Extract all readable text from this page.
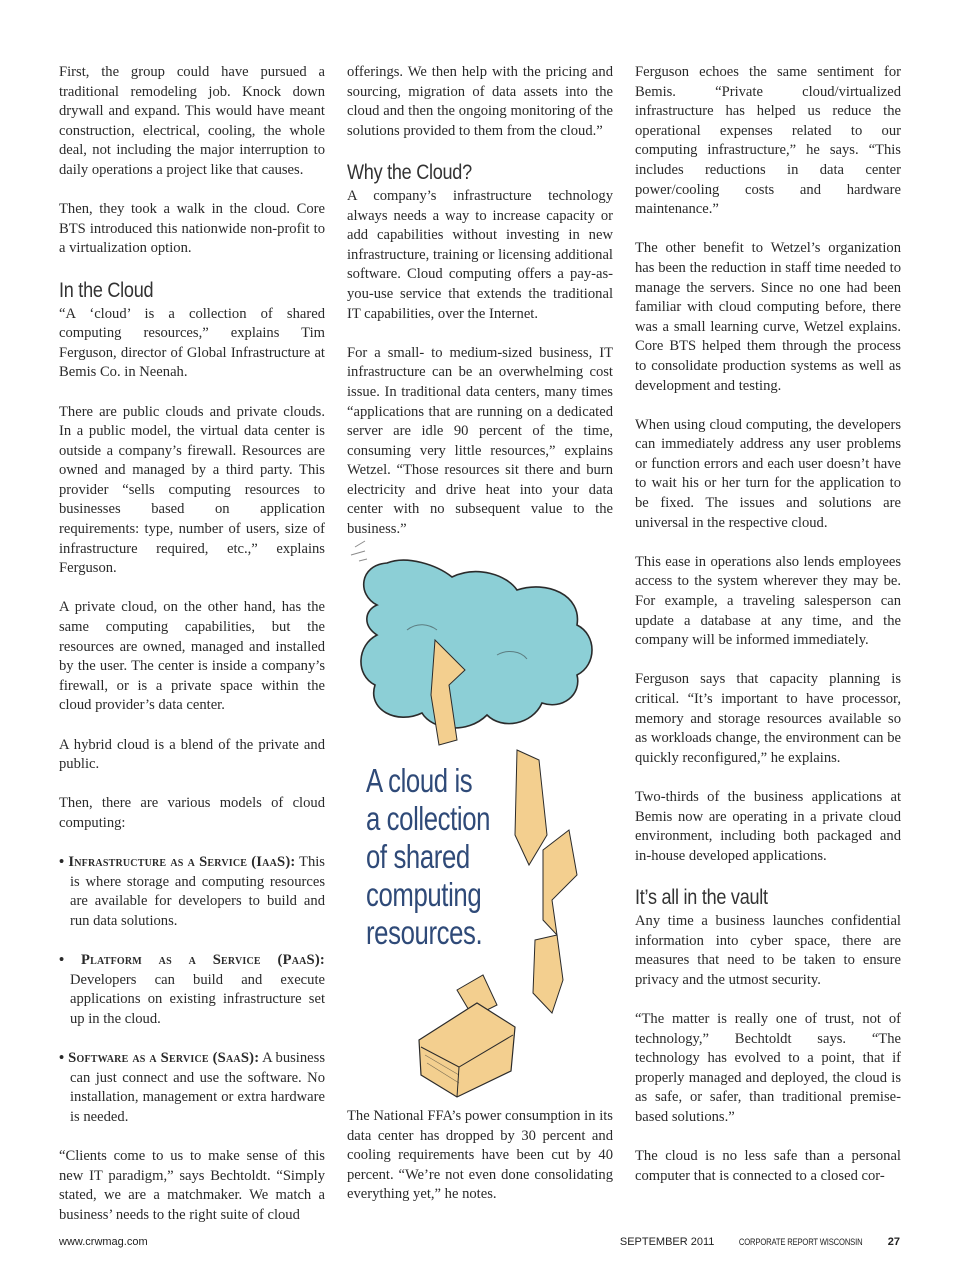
First, the group could have pursued a traditional remodeling job. Knock down drywall and expand. This would have meant construction, electrical, cooling, the whole deal, not including the major interruption to daily operations a project like that causes.

Then, they took a walk in the cloud. Core BTS introduced this nationwide non-profit to a virtualization option.

In the Cloud

“A ‘cloud’ is a collection of shared computing resources,” explains Tim Ferguson, director of Global Infrastructure at Bemis Co. in Neenah.

There are public clouds and private clouds. In a public model, the virtual data center is outside a company’s firewall. Resources are owned and managed by a third party. This provider “sells computing resources to businesses based on application requirements: type, number of users, size of infrastructure required, etc.,” explains Ferguson.

A private cloud, on the other hand, has the same computing capabilities, but the resources are owned, managed and installed by the user. The center is inside a company’s firewall, or is a private space within the cloud provider’s data center.

A hybrid cloud is a blend of the private and public.

Then, there are various models of cloud computing:

• Infrastructure as a Service (IaaS): This is where storage and computing resources are available for developers to build and run data solutions.

• Platform as a Service (PaaS): Developers can build and execute applications on existing infrastructure set up in the cloud.

• Software as a Service (SaaS): A business can just connect and use the software. No installation, management or extra hardware is needed.

“Clients come to us to make sense of this new IT paradigm,” says Bechtoldt. “Simply stated, we are a matchmaker. We match a business’ needs to the right suite of cloud

offerings. We then help with the pricing and sourcing, migration of data assets into the cloud and then the ongoing monitoring of the solutions provided to them from the cloud.”

Why the Cloud?

A company’s infrastructure technology always needs a way to increase capacity or add capabilities without investing in new infrastructure, training or licensing additional software. Cloud computing offers a pay-as-you-use service that extends the traditional IT capabilities, over the Internet.

For a small- to medium-sized business, IT infrastructure can be an overwhelming cost issue. In traditional data centers, many times “applications that are running on a dedicated server are idle 90 percent of the time, consuming very little resources,” explains Wetzel. “Those resources sit there and burn electricity and drive heat into your data center with no subsequent value to the business.”

A cloud is
a collection
of shared
computing
resources.

The National FFA’s power consumption in its data center has dropped by 30 percent and cooling requirements have been cut by 40 percent. “We’re not even done consolidating everything yet,” he notes.

Ferguson echoes the same sentiment for Bemis. “Private cloud/virtualized infrastructure has helped us reduce the operational expenses related to our computing infrastructure,” he says. “This includes reductions in data center power/cooling costs and hardware maintenance.”

The other benefit to Wetzel’s organization has been the reduction in staff time needed to manage the servers. Since no one had been familiar with cloud computing before, there was a small learning curve, Wetzel explains. Core BTS helped them through the process to consolidate production systems as well as development and testing.

When using cloud computing, the developers can immediately address any user problems or function errors and each user doesn’t have to wait his or her turn for the application to be fixed. The issues and solutions are universal in the respective cloud.

This ease in operations also lends employees access to the system wherever they may be. For example, a traveling salesperson can update a database at any time, and the company will be informed immediately.

Ferguson says that capacity planning is critical. “It’s important to have processor, memory and storage resources available so as workloads change, the environment can be quickly reconfigured,” he explains.

Two-thirds of the business applications at Bemis now are operating in a private cloud environment, including both packaged and in-house developed applications.

It’s all in the vault

Any time a business launches confidential information into cyber space, there are measures that need to be taken to ensure privacy and the utmost security.

“The matter is really one of trust, not of technology,” Bechtoldt says. “The technology has evolved to a point, that if properly managed and deployed, the cloud is as safe, or safer, than traditional premise-based solutions.”

The cloud is no less safe than a personal computer that is connected to a closed cor-

www.crwmag.com	SEPTEMBER 2011	CORPORATE REPORT WISCONSIN 27
